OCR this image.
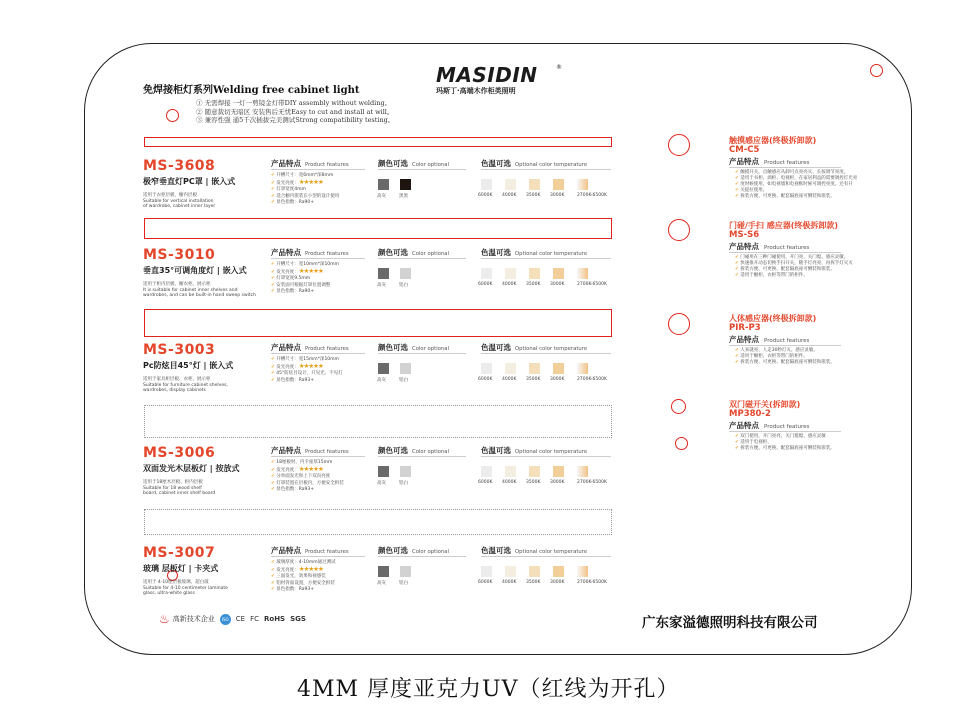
免焊接柜灯系列Welding free cabinet light
MASIDIN	®
玛斯丁·高端木作柜类照明
① 无需焊接 一灯一剪镜金灯带DIY assembly without welding。
② 随意裁切无暗区 安装售后无忧Easy to cut and install at will。
③ 兼容性强 通5千次插拔完美测试Strong compatibility testing。
MS-3608
极窄垂直灯PC罩 | 嵌入式
适用于衣柜层板、橱内层板
Suitable for vertical installation
of wardrobe, cabinet inner layer
产品特点 Product features	颜色可选 Color optional	色温可选 Optional color temperature
✔ 开槽尺寸：宽6mm*深8mm
✔ 发光亮度：★★★★★
✔ 灯罩宽度4mm
✔ 适合橱内嵌装在小型的设计使用
✔ 显色指数：Ra90+
高灰	黑黑	6000K 4000K 3500K 3000K	2700K-6500K
MS-3010
垂直35°可调角度灯 | 嵌入式
适用于柜内层板、橱衣柜、展示柜
It is suitable for cabinet inner shelves and
wardrobes, and can be built-in hand sweep switch
产品特点 Product features	颜色可选 Color optional	色温可选 Optional color temperature
✔ 开槽尺寸：宽10mm*深10mm
✔ 发光亮度：★★★★★
✔ 灯罩宽度9.5mm
✔ 安装面可根据灯罩位置调整
✔ 显色指数：Ra90+
高灰	铝白	6000K 4000K 3500K 3000K	2700K-6500K
MS-3003
Pc防炫目45°灯 | 嵌入式
适用于家具柜层板、衣柜、展示柜
Suitable for furniture cabinet shelves,
wardrobes, display cabinets
产品特点 Product features	颜色可选 Color optional	色温可选 Optional color temperature
✔ 开槽尺寸：宽15mm*深10mm
✔ 发光亮度：★★★★★
✔ 45°防炫目设计，只见光、不见灯
✔ 显色指数：Ra93+	高灰	铝白	6000K 4000K 3500K 3000K	2700K-6500K
MS-3006
双面发光木层板灯 | 按放式
适用于18厘木层板、柜内层板
Suitable for 18 wood shelf
board, cabinet inner shelf board
产品特点 Product features	颜色可选 Color optional	色温可选 Optional color temperature
✔ 18厘板材，内卡座厚15mm
✔ 发光亮度：★★★★★
✔ 分单面发光和上下双向亮度
✔ 灯罩装置在层板内，方便安全拆装
✔ 显色指数：Ra93+
高灰	铝白	6000K 4000K 3500K 3000K	2700K-6500K
MS-3007
玻璃 层板灯 | 卡夹式
适用于 4-10厘层板玻璃、超白玻
Suitable for 4-10 centimeter laminate
glass, ultra-white glass
产品特点 Product features	颜色可选 Color optional	色温可选 Optional color temperature
✔ 玻璃厚度：4-10mm通过测试
✔ 发光亮度：★★★★★
✔ 三面发光，效果和视感佳
✔ 铝材背面设置，方便安全拆装
✔ 显色指数：Ra93+
高灰	铝白	6000K 4000K 3500K 3000K	2700K-6500K
触摸感应器(终极拆卸款)
CM-C5
产品特点 Product features
✔ 触摸开关、点触感应从卸可点亮亮灭、长按调节亮度。
✔ 适用于书柜、酒柜、电视柜，在家居利益的需要调控灯光亮
✔ 度时候使用，如电视墙和电视框时候可调控亮度。还有开
✔ 关提拉使用。
✔ 拆装方便、可更换、配套隔底座可侧装和嵌装。
门碰/手扫 感应器(终极拆卸款)
MS-S6
产品特点 Product features
✔ 门碰用在三种门碰使用，开门亮、关门熄、感应灵敏。
✔ 快速推开动态切换手扫开关，随手灯亮亮、再挥手灯灭灭
✔ 拆装方便、可更换、配套隔底座可侧装和嵌装。
✔ 适用于橱柜、衣柜等带门的柜件。
人体感应器(终极拆卸款)
PIR-P3
产品特点 Product features
✔ 人来就亮、人走30秒灯灭、感应灵敏。
✔ 适用于橱柜、衣柜等带门的柜件。
✔ 拆装方便、可更换、配套隔底座可侧装和嵌装。
双门磁开关(拆卸款)
MP380-2
产品特点 Product features
✔ 双门使用，开门亮亮、关门熄熄、感应灵敏
✔ 适用于电视柜、
✔ 拆装方便、可更换、配套隔底座可侧装和嵌装。
♨ 高新技术企业	ISO CE FC RoHS SGS	广东家溢德照明科技有限公司
4MM 厚度亚克力UV（红线为开孔）
